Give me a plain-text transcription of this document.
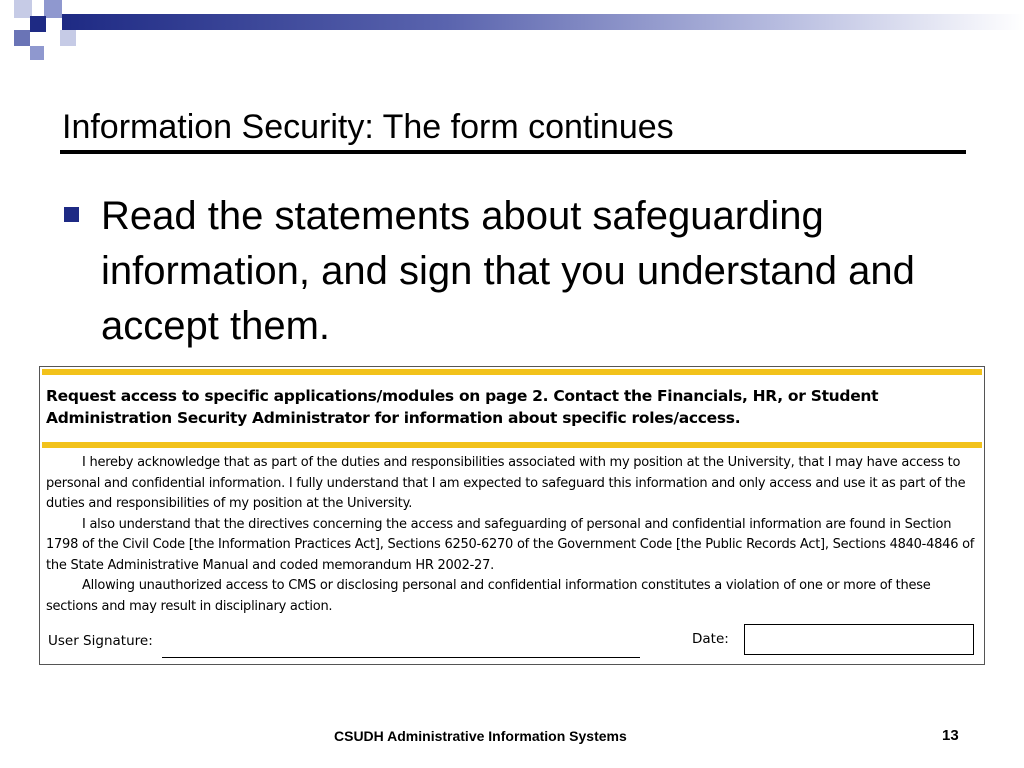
Information Security: The form continues
Read the statements about safeguarding information, and sign that you understand and accept them.
Request access to specific applications/modules on page 2. Contact the Financials, HR, or Student Administration Security Administrator for information about specific roles/access.

I hereby acknowledge that as part of the duties and responsibilities associated with my position at the University, that I may have access to personal and confidential information. I fully understand that I am expected to safeguard this information and only access and use it as part of the duties and responsibilities of my position at the University.

I also understand that the directives concerning the access and safeguarding of personal and confidential information are found in Section 1798 of the Civil Code [the Information Practices Act], Sections 6250-6270 of the Government Code [the Public Records Act], Sections 4840-4846 of the State Administrative Manual and coded memorandum HR 2002-27.

Allowing unauthorized access to CMS or disclosing personal and confidential information constitutes a violation of one or more of these sections and may result in disciplinary action.

User Signature:	Date:
CSUDH Administrative Information Systems	13
